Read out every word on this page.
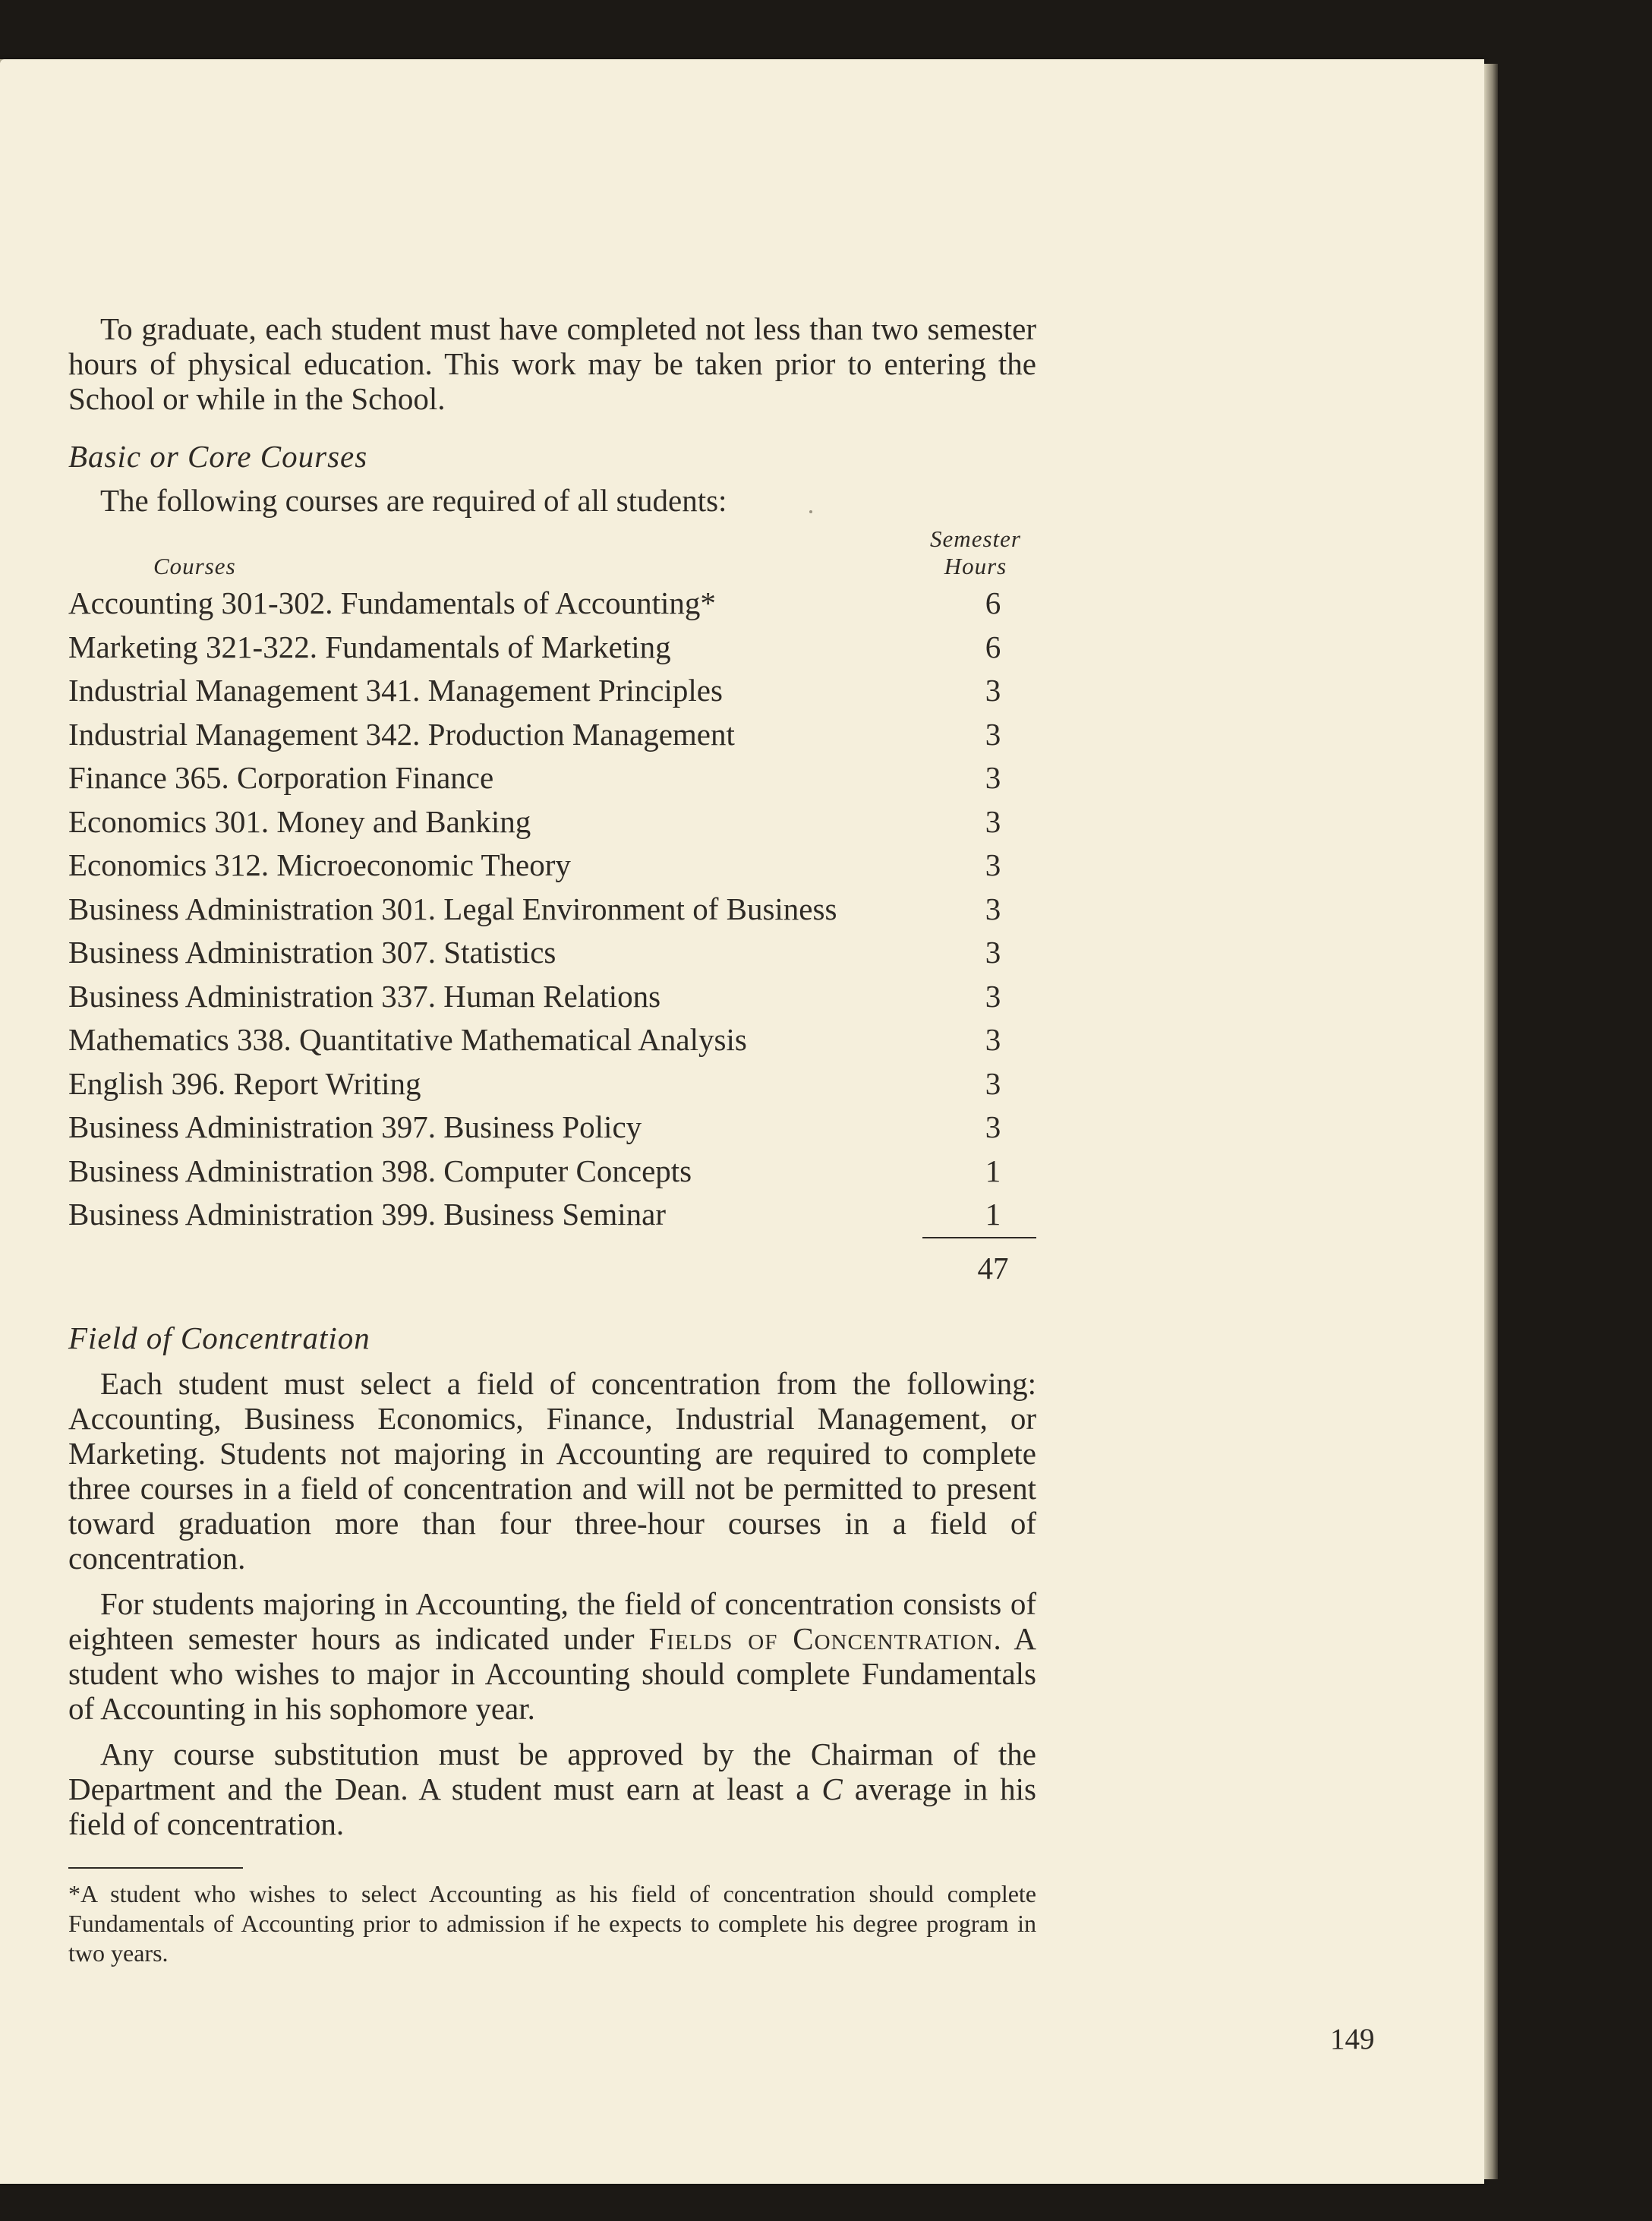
To graduate, each student must have completed not less than two semester hours of physical education. This work may be taken prior to entering the School or while in the School.

Basic or Core Courses

The following courses are required of all students:

Courses
Semester
Hours
Accounting 301-302. Fundamentals of Accounting*	6
Marketing 321-322. Fundamentals of Marketing	6
Industrial Management 341. Management Principles	3
Industrial Management 342. Production Management	3
Finance 365. Corporation Finance	3
Economics 301. Money and Banking	3
Economics 312. Microeconomic Theory	3
Business Administration 301. Legal Environment of Business	3
Business Administration 307. Statistics	3
Business Administration 337. Human Relations	3
Mathematics 338. Quantitative Mathematical Analysis	3
English 396. Report Writing	3
Business Administration 397. Business Policy	3
Business Administration 398. Computer Concepts	1
Business Administration 399. Business Seminar	1
47
Field of Concentration

Each student must select a field of concentration from the following: Accounting, Business Economics, Finance, Industrial Management, or Marketing. Students not majoring in Accounting are required to complete three courses in a field of concentration and will not be permitted to present toward graduation more than four three-hour courses in a field of concentration.

For students majoring in Accounting, the field of concentration consists of eighteen semester hours as indicated under Fields of Concentration. A student who wishes to major in Accounting should complete Fundamentals of Accounting in his sophomore year.

Any course substitution must be approved by the Chairman of the Department and the Dean. A student must earn at least a C average in his field of concentration.

*A student who wishes to select Accounting as his field of concentration should complete Fundamentals of Accounting prior to admission if he expects to complete his degree program in two years.

149
